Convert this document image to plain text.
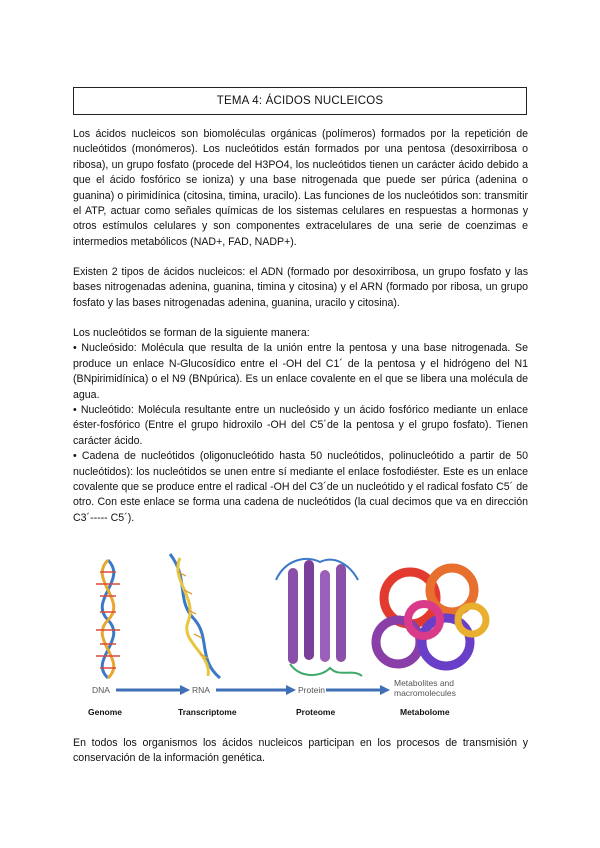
TEMA 4: ÁCIDOS NUCLEICOS

Los ácidos nucleicos son biomoléculas orgánicas (polímeros) formados por la repetición de nucleótidos (monómeros). Los nucleótidos están formados por una pentosa (desoxirribosa o ribosa), un grupo fosfato (procede del H3PO4, los nucleótidos tienen un carácter ácido debido a que el ácido fosfórico se ioniza) y una base nitrogenada que puede ser púrica (adenina o guanina) o pirimidínica (citosina, timina, uracilo). Las funciones de los nucleótidos son: transmitir el ATP, actuar como señales químicas de los sistemas celulares en respuestas a hormonas y otros estímulos celulares y son componentes extracelulares de una serie de coenzimas e intermedios metabólicos (NAD+, FAD, NADP+).

Existen 2 tipos de ácidos nucleicos: el ADN (formado por desoxirribosa, un grupo fosfato y las bases nitrogenadas adenina, guanina, timina y citosina) y el ARN (formado por ribosa, un grupo fosfato y las bases nitrogenadas adenina, guanina, uracilo y citosina).

Los nucleótidos se forman de la siguiente manera:
• Nucleósido: Molécula que resulta de la unión entre la pentosa y una base nitrogenada. Se produce un enlace N-Glucosídico entre el -OH del C1´ de la pentosa y el hidrógeno del N1 (BNpirimidínica) o el N9 (BNpúrica). Es un enlace covalente en el que se libera una molécula de agua.
• Nucleótido: Molécula resultante entre un nucleósido y un ácido fosfórico mediante un enlace éster-fosfórico (Entre el grupo hidroxilo -OH del C5´de la pentosa y el grupo fosfato). Tienen carácter ácido.
• Cadena de nucleótidos (oligonucleótido hasta 50 nucleótidos, polinucleótido a partir de 50 nucleótidos): los nucleótidos se unen entre sí mediante el enlace fosfodiéster. Este es un enlace covalente que se produce entre el radical -OH del C3´de un nucleótido y el radical fosfato C5´ de otro. Con este enlace se forma una cadena de nucleótidos (la cual decimos que va en dirección C3´----- C5´).
DNA	RNA	Protein
Metabolites and macromolecules
Genome	Transcriptome	Proteome	Metabolome

En todos los organismos los ácidos nucleicos participan en los procesos de transmisión y conservación de la información genética.
